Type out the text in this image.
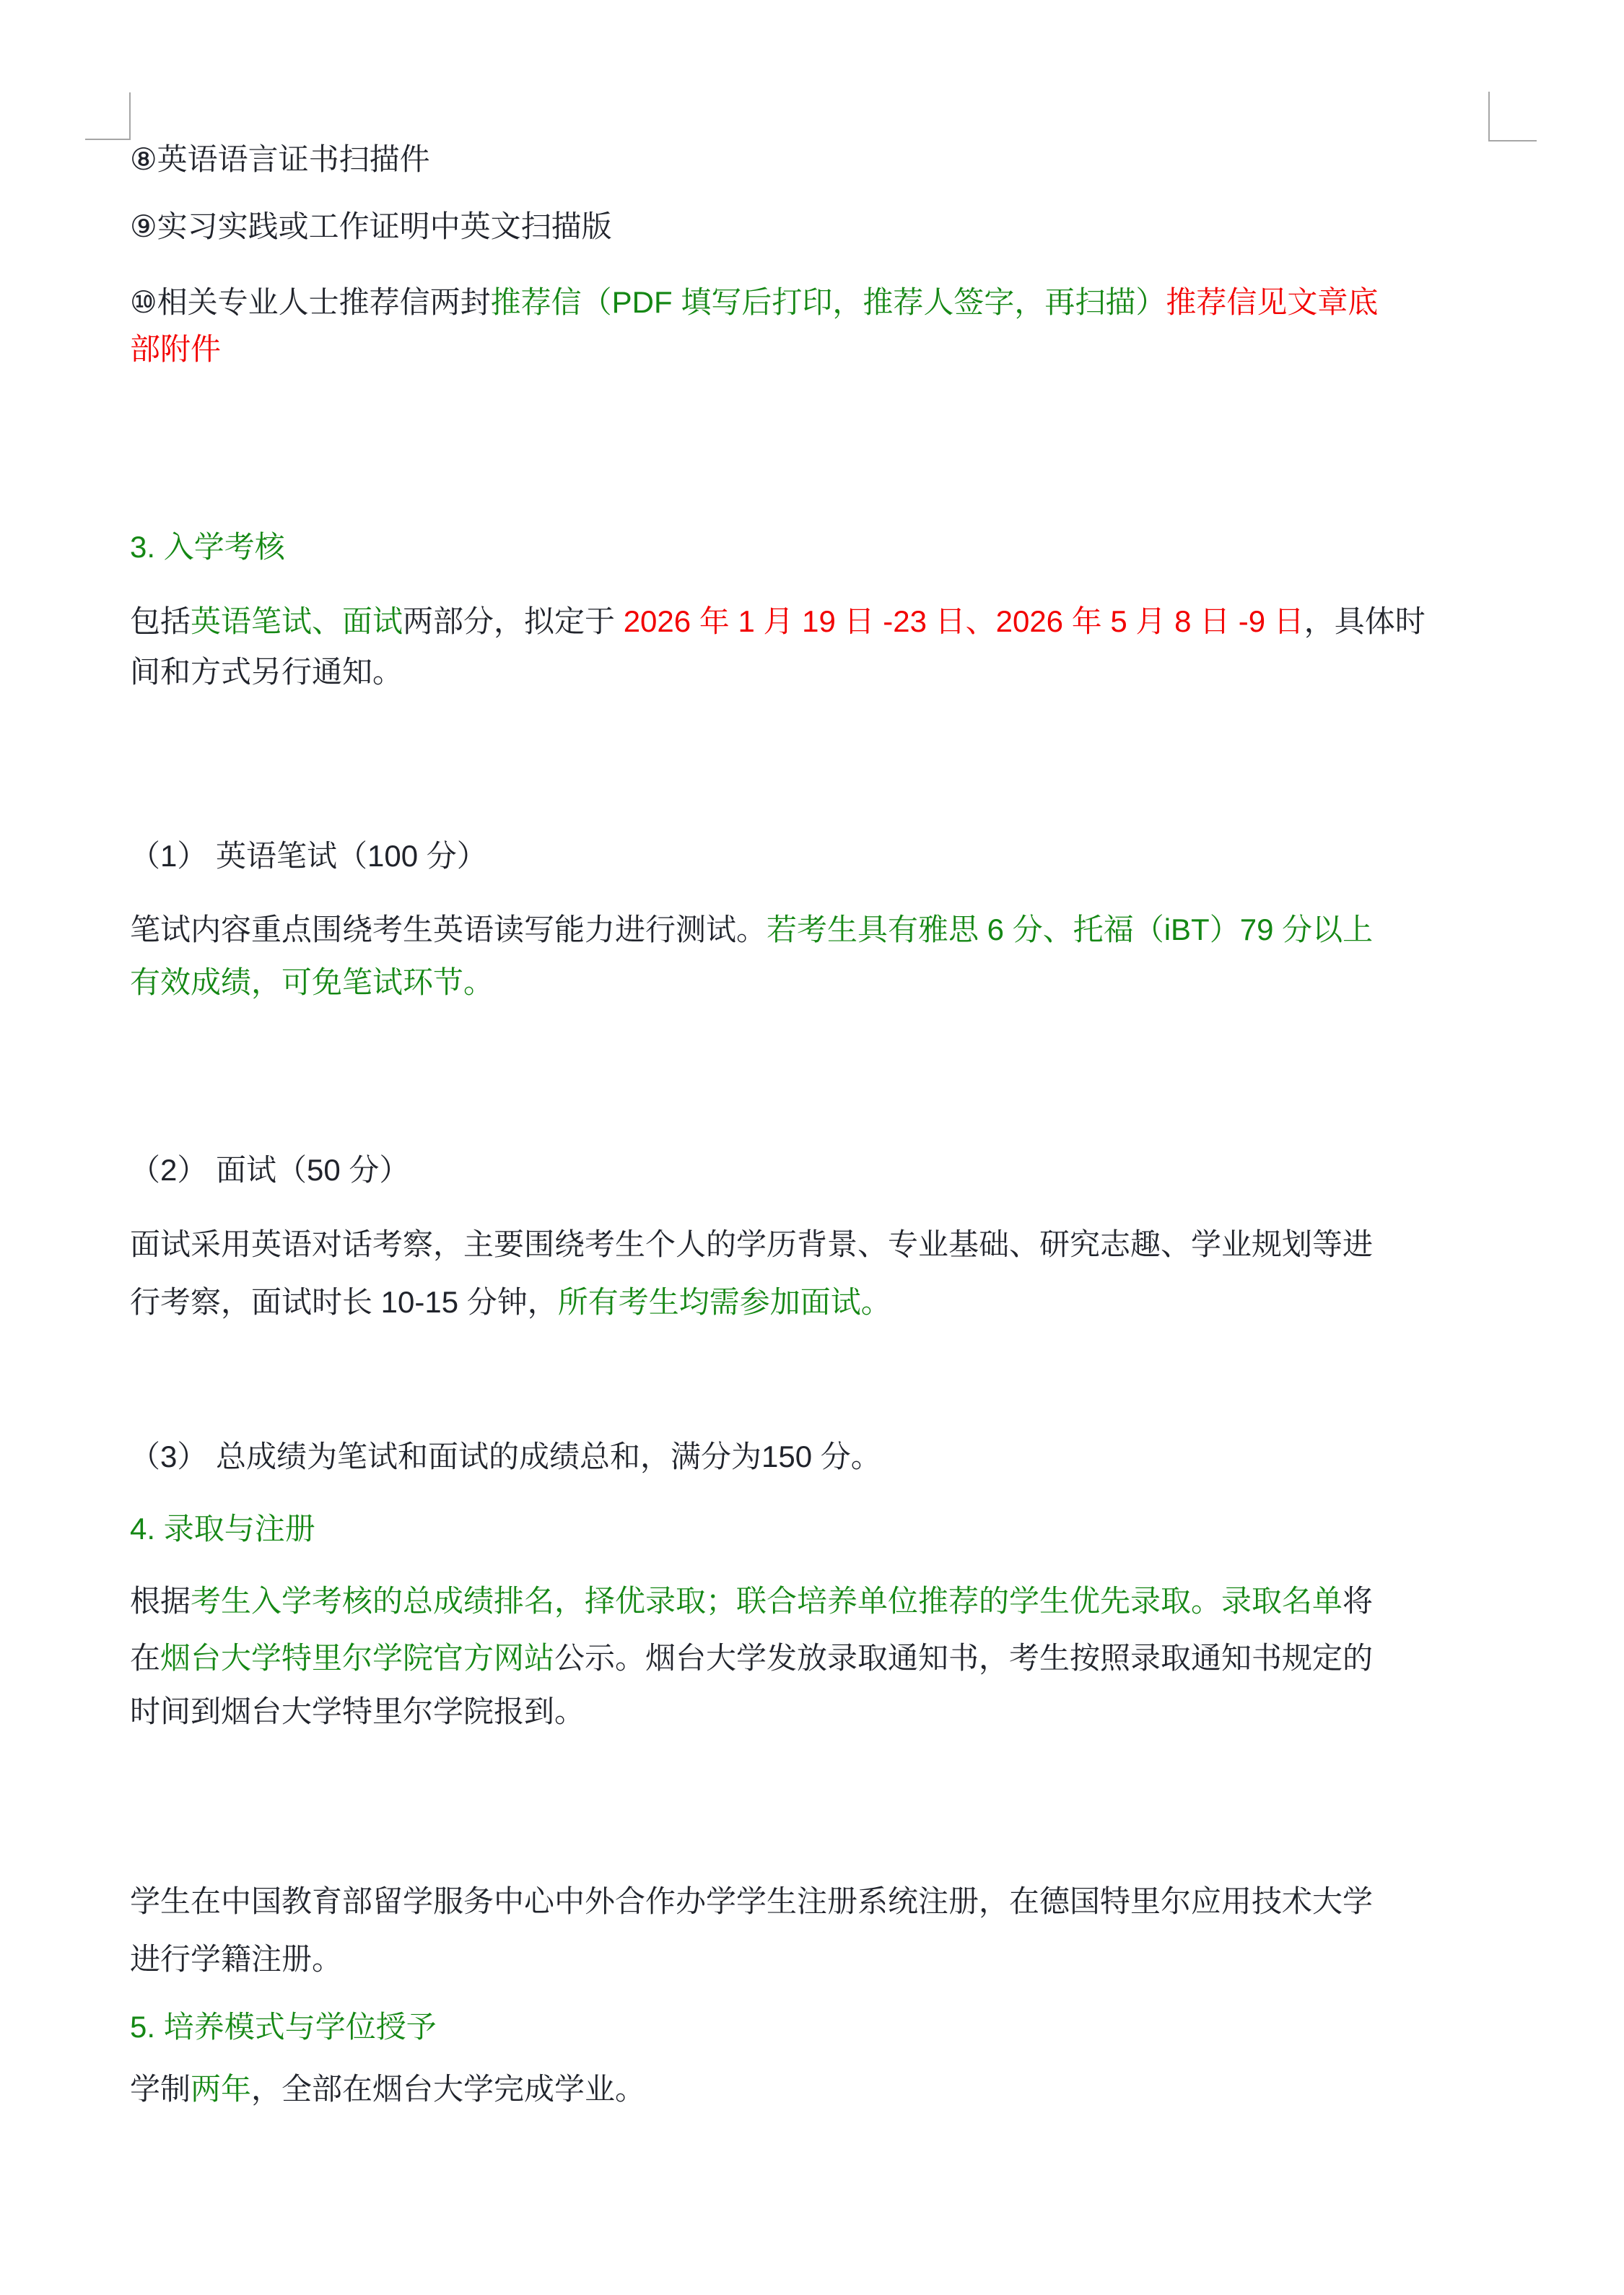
⑧英语语言证书扫描件
⑨实习实践或工作证明中英文扫描版
⑩相关专业人士推荐信两封推荐信（PDF 填写后打印，推荐人签字，再扫描）推荐信见文章底
部附件
3. 入学考核
包括英语笔试、面试两部分，拟定于 2026 年 1 月 19 日 -23 日、2026 年 5 月 8 日 -9 日，具体时
间和方式另行通知。
（1） 英语笔试（100 分）
笔试内容重点围绕考生英语读写能力进行测试。若考生具有雅思 6 分、托福（iBT）79 分以上
有效成绩，可免笔试环节。
（2） 面试（50 分）
面试采用英语对话考察，主要围绕考生个人的学历背景、专业基础、研究志趣、学业规划等进
行考察，面试时长 10-15 分钟，所有考生均需参加面试。
（3） 总成绩为笔试和面试的成绩总和，满分为150 分。
4. 录取与注册
根据考生入学考核的总成绩排名，择优录取；联合培养单位推荐的学生优先录取。录取名单将
在烟台大学特里尔学院官方网站公示。烟台大学发放录取通知书，考生按照录取通知书规定的
时间到烟台大学特里尔学院报到。
学生在中国教育部留学服务中心中外合作办学学生注册系统注册，在德国特里尔应用技术大学
进行学籍注册。
5. 培养模式与学位授予
学制两年，全部在烟台大学完成学业。
